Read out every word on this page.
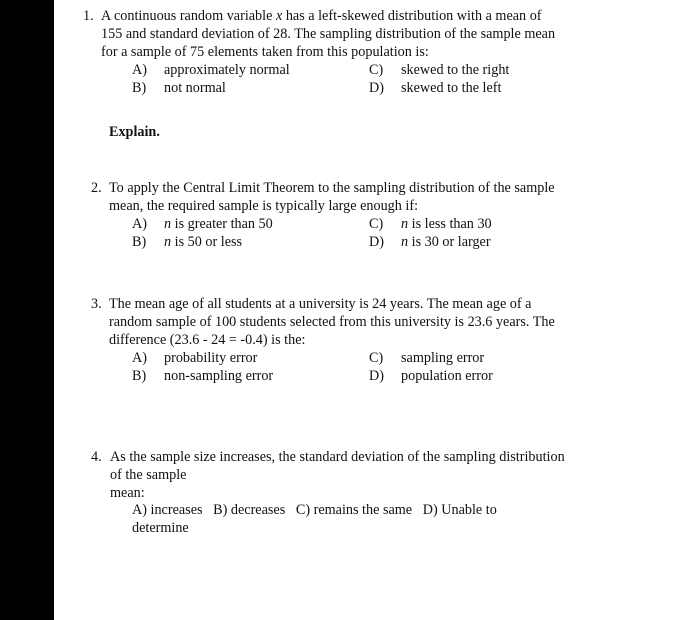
1. A continuous random variable x has a left-skewed distribution with a mean of
155 and standard deviation of 28. The sampling distribution of the sample mean
for a sample of 75 elements taken from this population is:
A) approximately normal
B) not normal
C) skewed to the right
D) skewed to the left
Explain.
2. To apply the Central Limit Theorem to the sampling distribution of the sample
mean, the required sample is typically large enough if:
A) n is greater than 50
B) n is 50 or less
C) n is less than 30
D) n is 30 or larger
3. The mean age of all students at a university is 24 years. The mean age of a
random sample of 100 students selected from this university is 23.6 years. The
difference (23.6 - 24 = -0.4) is the:
A) probability error
B) non-sampling error
C) sampling error
D) population error
4. As the sample size increases, the standard deviation of the sampling distribution
of the sample
mean:
A) increases   B) decreases   C) remains the same   D) Unable to
determine
